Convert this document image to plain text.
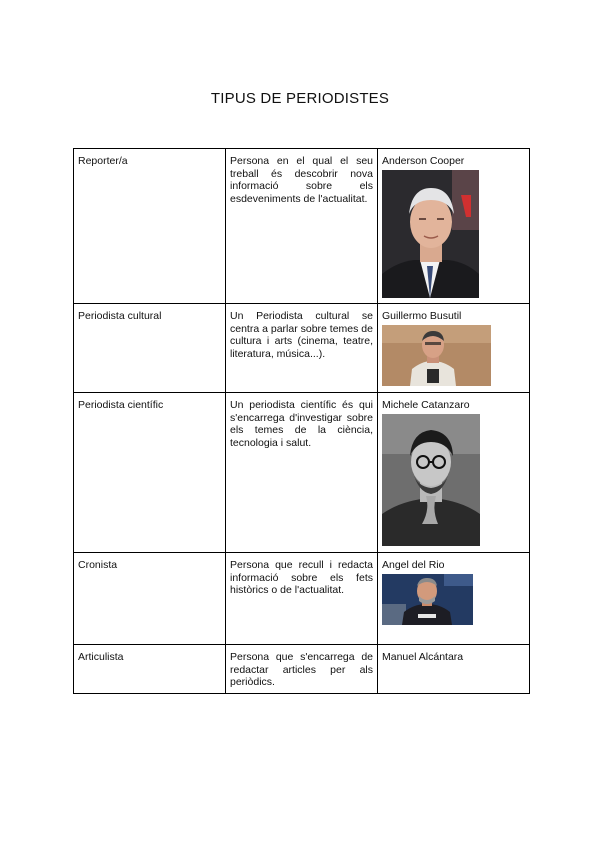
TIPUS DE PERIODISTES
Reporter/a	Persona en el qual el seu treball és descobrir nova informació sobre els esdeveniments de l'actualitat.	Anderson Cooper

Periodista cultural	Un Periodista cultural se centra a parlar sobre temes de cultura i arts (cinema, teatre, literatura, música...).	Guillermo Busutil

Periodista científic	Un periodista científic és qui s'encarrega d'investigar sobre els temes de la ciència, tecnologia i salut.	Michele Catanzaro

Cronista	Persona que recull i redacta informació sobre els fets històrics o de l'actualitat.	Angel del Rio

Articulista	Persona que s'encarrega de redactar articles per als periòdics.	Manuel Alcántara
